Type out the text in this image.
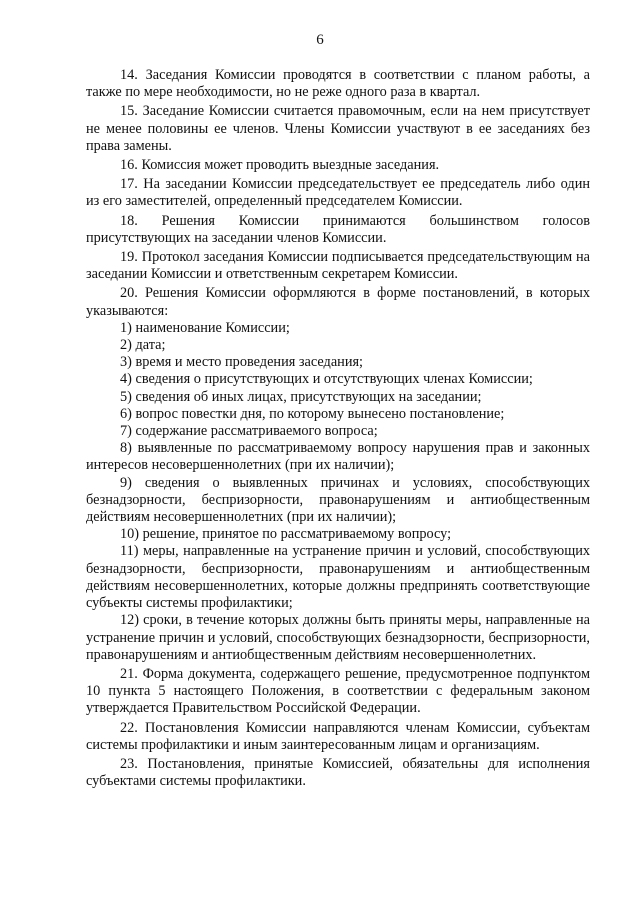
6

14. Заседания Комиссии проводятся в соответствии с планом работы, а также по мере необходимости, но не реже одного раза в квартал.

15. Заседание Комиссии считается правомочным, если на нем присутствует не менее половины ее членов. Члены Комиссии участвуют в ее заседаниях без права замены.

16. Комиссия может проводить выездные заседания.

17. На заседании Комиссии председательствует ее председатель либо один из его заместителей, определенный председателем Комиссии.

18. Решения Комиссии принимаются большинством голосов присутствующих на заседании членов Комиссии.

19. Протокол заседания Комиссии подписывается председательствующим на заседании Комиссии и ответственным секретарем Комиссии.

20. Решения Комиссии оформляются в форме постановлений, в которых указываются:

1) наименование Комиссии;

2) дата;

3) время и место проведения заседания;

4) сведения о присутствующих и отсутствующих членах Комиссии;

5) сведения об иных лицах, присутствующих на заседании;

6) вопрос повестки дня, по которому вынесено постановление;

7) содержание рассматриваемого вопроса;

8) выявленные по рассматриваемому вопросу нарушения прав и законных интересов несовершеннолетних (при их наличии);

9) сведения о выявленных причинах и условиях, способствующих безнадзорности, беспризорности, правонарушениям и антиобщественным действиям несовершеннолетних (при их наличии);

10) решение, принятое по рассматриваемому вопросу;

11) меры, направленные на устранение причин и условий, способствующих безнадзорности, беспризорности, правонарушениям и антиобщественным действиям несовершеннолетних, которые должны предпринять соответствующие субъекты системы профилактики;

12) сроки, в течение которых должны быть приняты меры, направленные на устранение причин и условий, способствующих безнадзорности, беспризорности, правонарушениям и антиобщественным действиям несовершеннолетних.

21. Форма документа, содержащего решение, предусмотренное подпунктом 10 пункта 5 настоящего Положения, в соответствии с федеральным законом утверждается Правительством Российской Федерации.

22. Постановления Комиссии направляются членам Комиссии, субъектам системы профилактики и иным заинтересованным лицам и организациям.

23. Постановления, принятые Комиссией, обязательны для исполнения субъектами системы профилактики.
